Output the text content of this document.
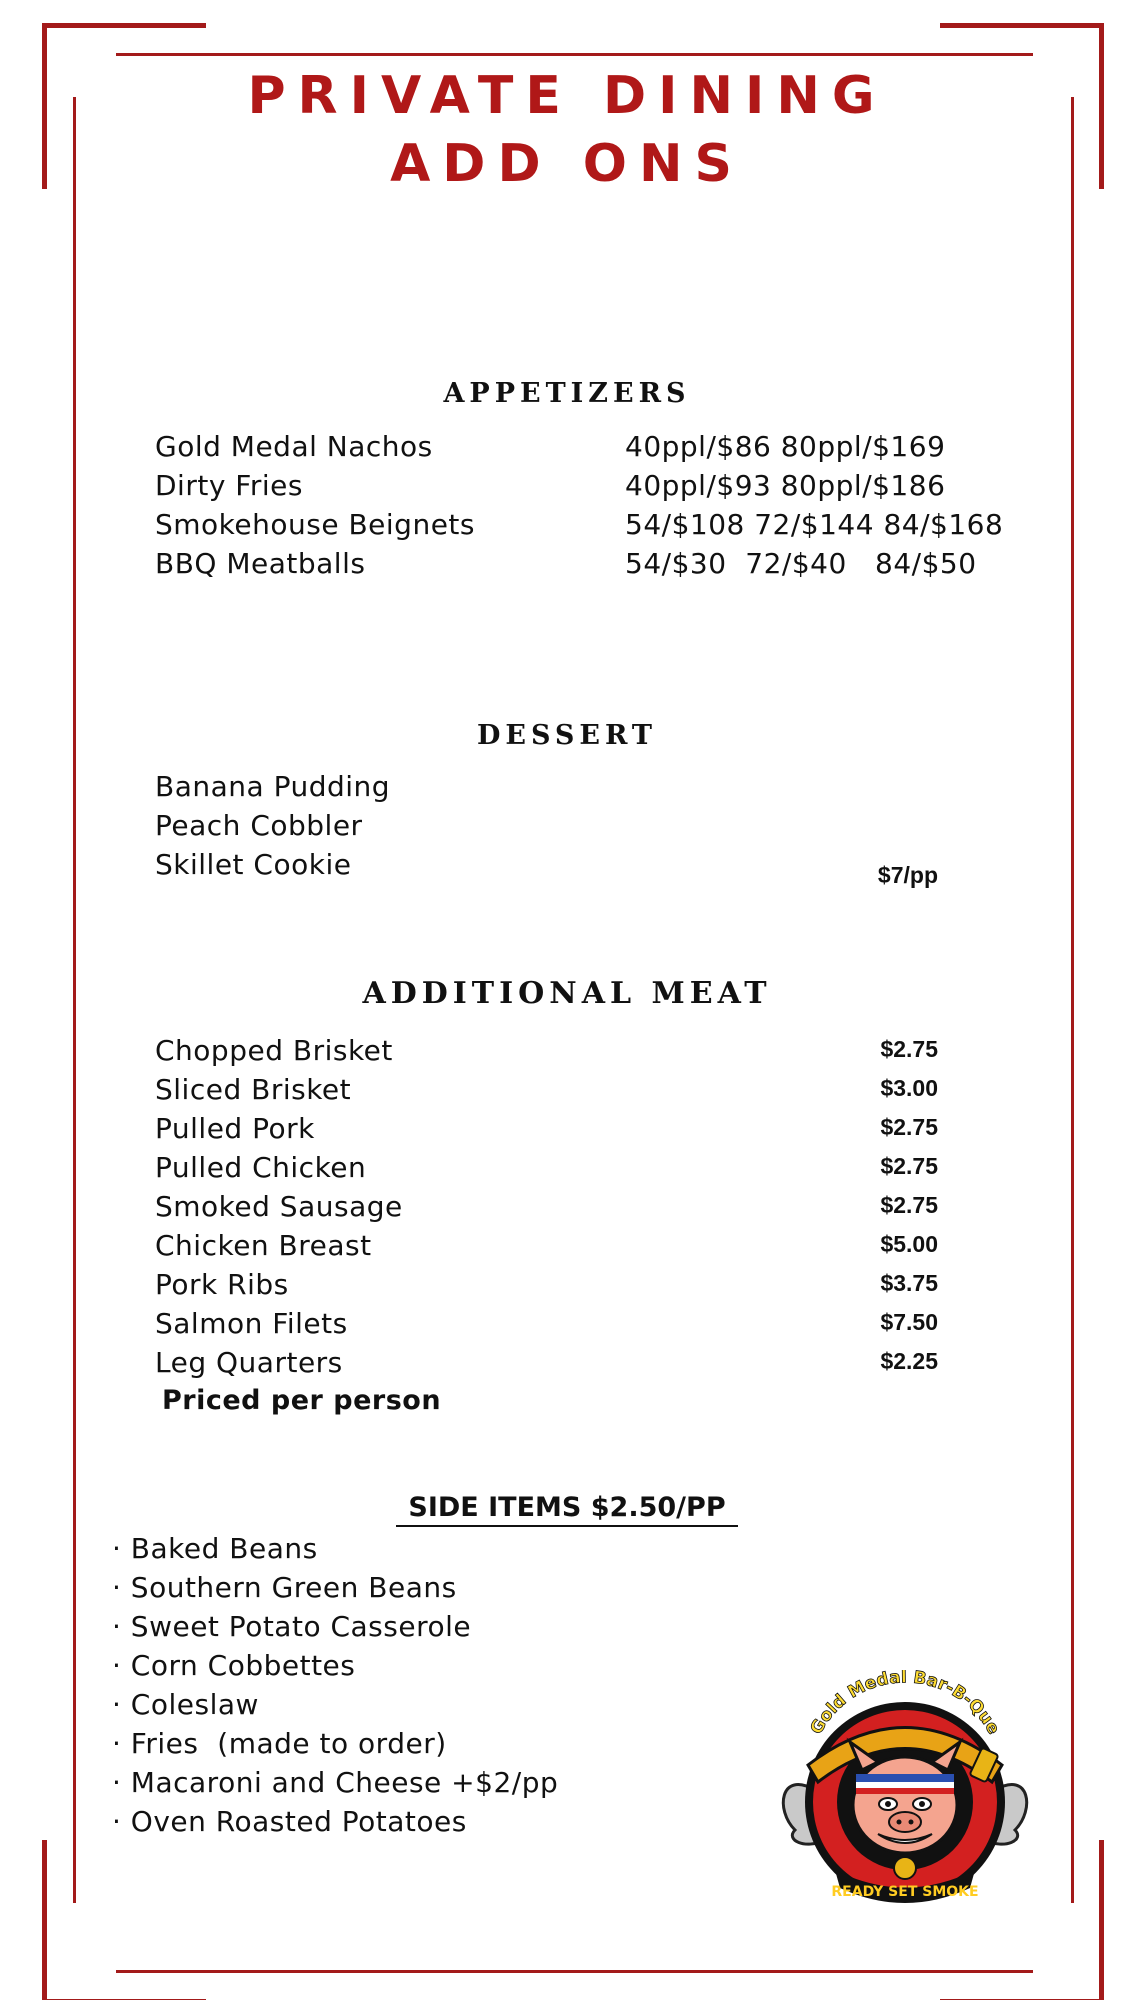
PRIVATE DINING
ADD ONS
APPETIZERS
Gold Medal Nachos	40ppl/$86 80ppl/$169
Dirty Fries	40ppl/$93 80ppl/$186
Smokehouse Beignets	54/$108 72/$144 84/$168
BBQ Meatballs	54/$30  72/$40   84/$50
DESSERT
Banana Pudding
Peach Cobbler
Skillet Cookie	$7/pp
ADDITIONAL MEAT
Chopped Brisket	$2.75
Sliced Brisket	$3.00
Pulled Pork	$2.75
Pulled Chicken	$2.75
Smoked Sausage	$2.75
Chicken Breast	$5.00
Pork Ribs	$3.75
Salmon Filets	$7.50
Leg Quarters	$2.25
Priced per person
SIDE ITEMS $2.50/PP
· Baked Beans
· Southern Green Beans
· Sweet Potato Casserole
· Corn Cobbettes
· Coleslaw
· Fries  (made to order)
· Macaroni and Cheese +$2/pp
· Oven Roasted Potatoes
Gold Medal Bar-B-Que
READY SET SMOKE
